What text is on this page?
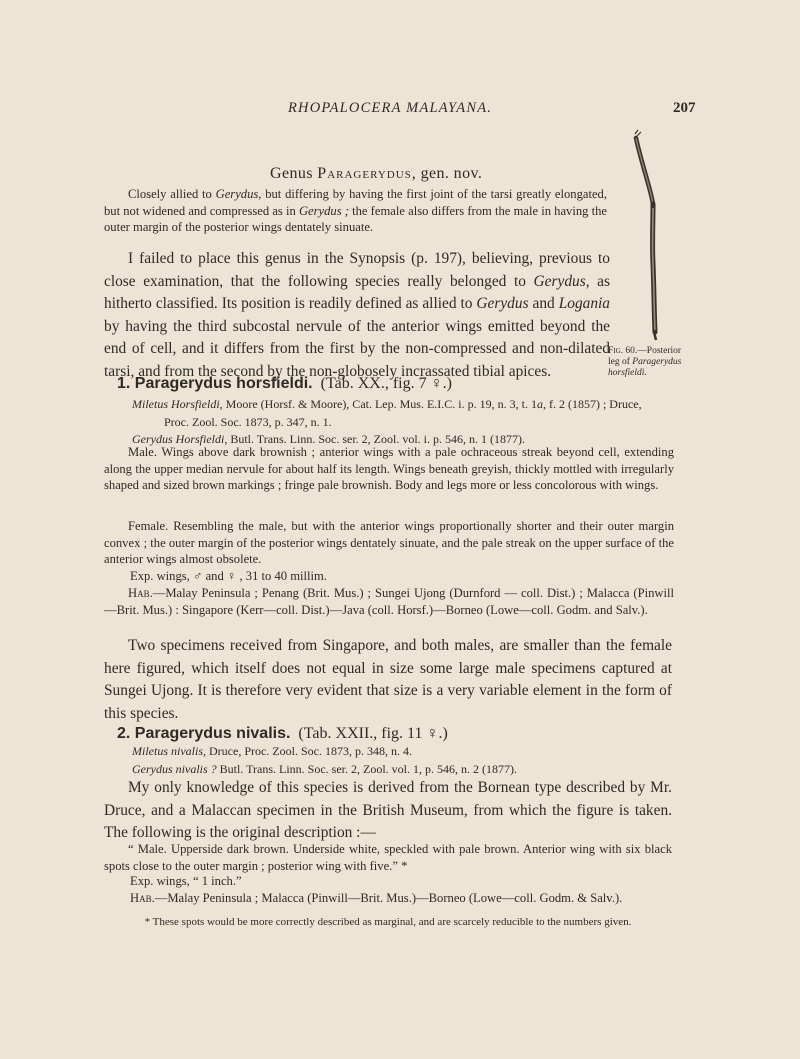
RHOPALOCERA MALAYANA.	207
Genus Paragerydus, gen. nov.
Closely allied to Gerydus, but differing by having the first joint of the tarsi greatly elongated, but not widened and compressed as in Gerydus ; the female also differs from the male in having the outer margin of the posterior wings dentately sinuate.
I failed to place this genus in the Synopsis (p. 197), believing, previous to close examination, that the following species really belonged to Gerydus, as hitherto classified. Its position is readily defined as allied to Gerydus and Logania by having the third subcostal nervule of the anterior wings emitted beyond the end of cell, and it differs from the first by the non-compressed and non-dilated tarsi, and from the second by the non-globosely incrassated tibial apices.
Fig. 60.—Posterior
leg of Paragerydus
horsfieldi.
1. Paragerydus horsfieldi. (Tab. XX., fig. 7 ♀.)
Miletus Horsfieldi, Moore (Horsf. & Moore), Cat. Lep. Mus. E.I.C. i. p. 19, n. 3, t. 1a, f. 2 (1857) ; Druce,
Proc. Zool. Soc. 1873, p. 347, n. 1.
Gerydus Horsfieldi, Butl. Trans. Linn. Soc. ser. 2, Zool. vol. i. p. 546, n. 1 (1877).
Male. Wings above dark brownish ; anterior wings with a pale ochraceous streak beyond cell, extending along the upper median nervule for about half its length. Wings beneath greyish, thickly mottled with irregularly shaped and sized brown markings ; fringe pale brownish. Body and legs more or less concolorous with wings.
Female. Resembling the male, but with the anterior wings proportionally shorter and their outer margin convex ; the outer margin of the posterior wings dentately sinuate, and the pale streak on the upper surface of the anterior wings almost obsolete.
Exp. wings, ♂ and ♀ , 31 to 40 millim.
Hab.—Malay Peninsula ; Penang (Brit. Mus.) ; Sungei Ujong (Durnford — coll. Dist.) ; Malacca (Pinwill—Brit. Mus.) : Singapore (Kerr—coll. Dist.)—Java (coll. Horsf.)—Borneo (Lowe—coll. Godm. and Salv.).
Two specimens received from Singapore, and both males, are smaller than the female here figured, which itself does not equal in size some large male specimens captured at Sungei Ujong. It is therefore very evident that size is a very variable element in the form of this species.
2. Paragerydus nivalis. (Tab. XXII., fig. 11 ♀.)
Miletus nivalis, Druce, Proc. Zool. Soc. 1873, p. 348, n. 4.
Gerydus nivalis ? Butl. Trans. Linn. Soc. ser. 2, Zool. vol. 1, p. 546, n. 2 (1877).
My only knowledge of this species is derived from the Bornean type described by Mr. Druce, and a Malaccan specimen in the British Museum, from which the figure is taken. The following is the original description :—
“ Male. Upperside dark brown. Underside white, speckled with pale brown. Anterior wing with six black spots close to the outer margin ; posterior wing with five.” *
Exp. wings, “ 1 inch.”
Hab.—Malay Peninsula ; Malacca (Pinwill—Brit. Mus.)—Borneo (Lowe—coll. Godm. & Salv.).
* These spots would be more correctly described as marginal, and are scarcely reducible to the numbers given.
